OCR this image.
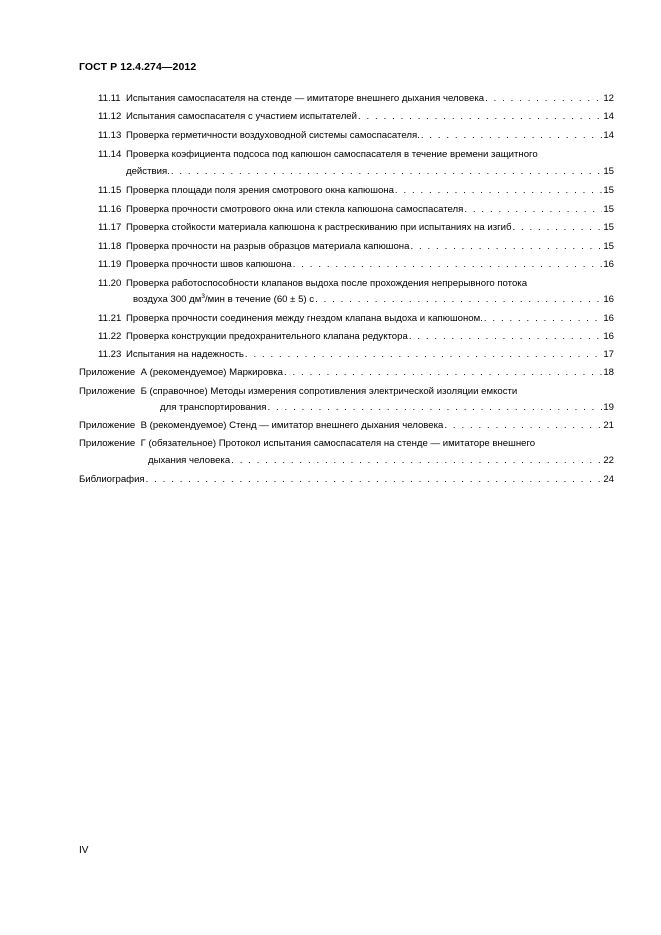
ГОСТ Р 12.4.274—2012
11.11 Испытания самоспасателя на стенде — имитаторе внешнего дыхания человека . . .	12
11.12 Испытания самоспасателя с участием испытателей . . .	14
11.13 Проверка герметичности воздуховодной системы самоспасателя. . . .	14
11.14 Проверка коэфициента подсоса под капюшон самоспасателя в течение времени защитного
действия. . . .	15
11.15 Проверка площади поля зрения смотрового окна капюшона . . .	15
11.16 Проверка прочности смотрового окна или стекла капюшона самоспасателя . . .	15
11.17 Проверка стойкости материала капюшона к растрескиванию при испытаниях на изгиб . . .	15
11.18 Проверка прочности на разрыв образцов материала капюшона . . .	15
11.19 Проверка прочности швов капюшона . . .	16
11.20 Проверка работоспособности клапанов выдоха после прохождения непрерывного потока
воздуха 300 $дм^3$/мин в течение (60 ± 5) с . . .	16
11.21 Проверка прочности соединения между гнездом клапана выдоха и капюшоном. . . .	16
11.22 Проверка конструкции предохранительного клапана редуктора . . .	16
11.23 Испытания на надежность . . .	17
Приложение  А (рекомендуемое) Маркировка . . .	18
Приложение  Б (справочное) Методы измерения сопротивления электрической изоляции емкости
для транспортирования . . .	19
Приложение  В (рекомендуемое) Стенд — имитатор внешнего дыхания человека . . .	21
Приложение  Г (обязательное) Протокол испытания самоспасателя на стенде — имитаторе внешнего
дыхания человека . . .	22
Библиография . . .	24
IV
